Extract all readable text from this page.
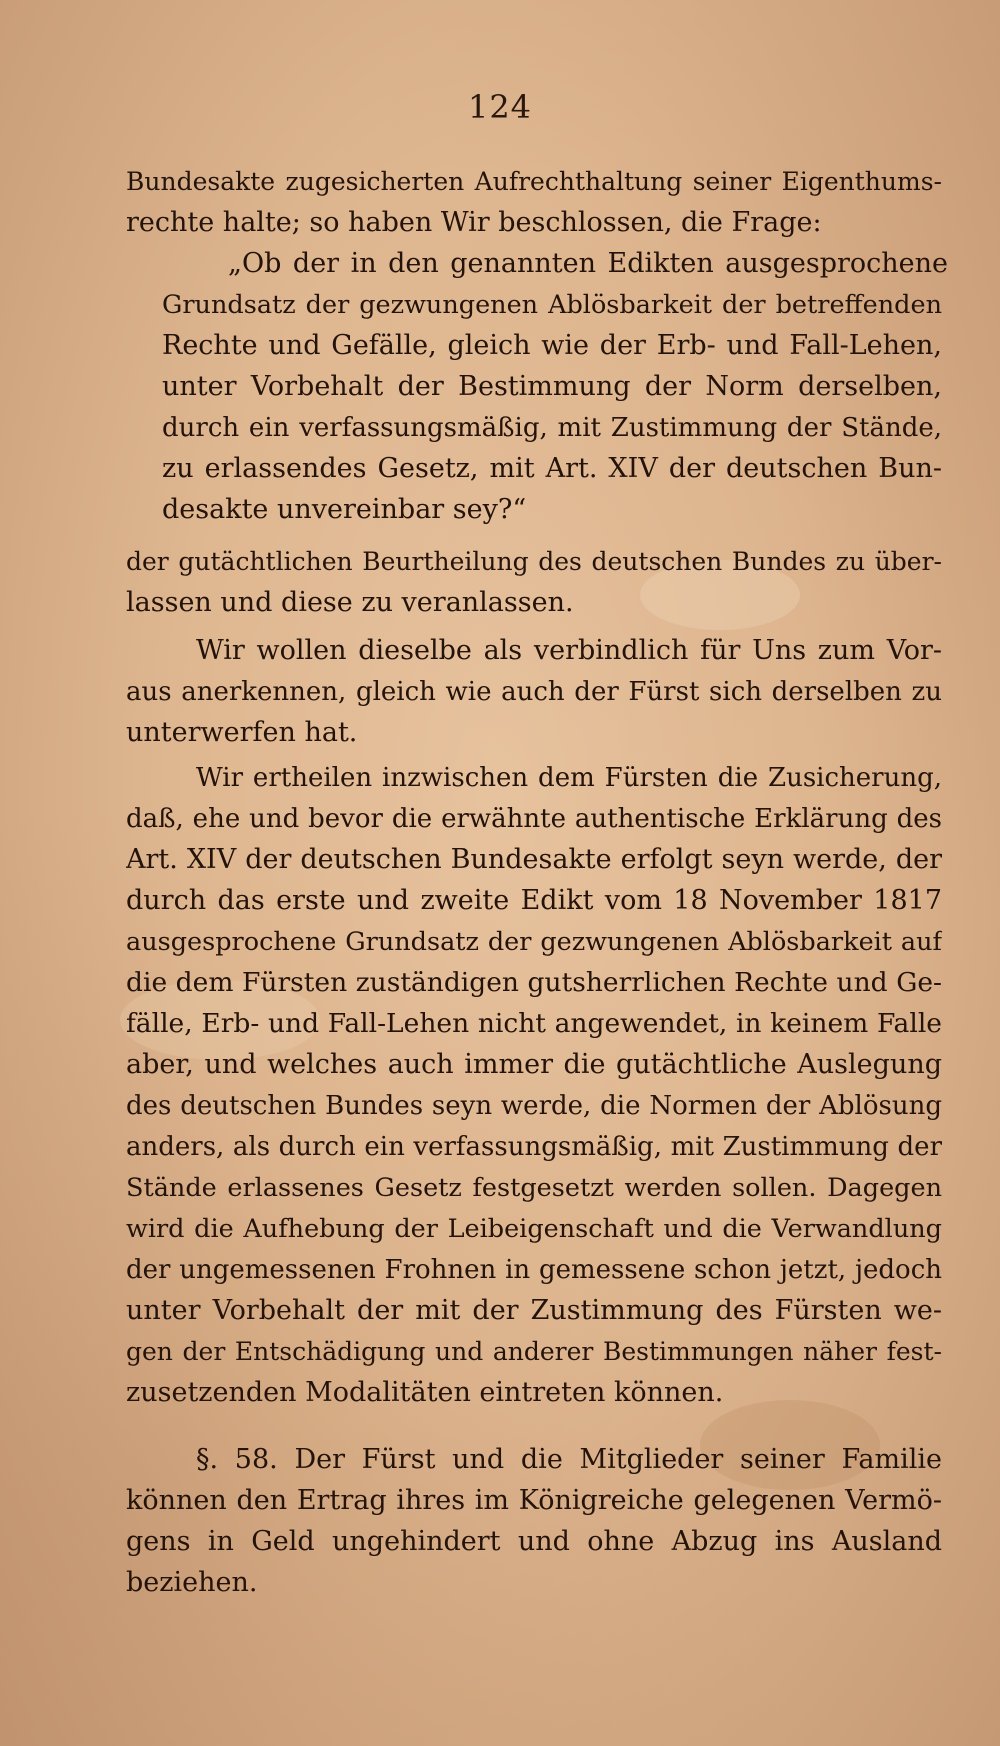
124
Bundesakte zugesicherten Aufrechthaltung seiner Eigenthums-
rechte halte; so haben Wir beschlossen, die Frage:
„Ob der in den genannten Edikten ausgesprochene
Grundsatz der gezwungenen Ablösbarkeit der betreffenden
Rechte und Gefälle, gleich wie der Erb- und Fall-Lehen,
unter Vorbehalt der Bestimmung der Norm derselben,
durch ein verfassungsmäßig, mit Zustimmung der Stände,
zu erlassendes Gesetz, mit Art. XIV der deutschen Bun-
desakte unvereinbar sey?“
der gutächtlichen Beurtheilung des deutschen Bundes zu über-
lassen und diese zu veranlassen.
Wir wollen dieselbe als verbindlich für Uns zum Vor-
aus anerkennen, gleich wie auch der Fürst sich derselben zu
unterwerfen hat.
Wir ertheilen inzwischen dem Fürsten die Zusicherung,
daß, ehe und bevor die erwähnte authentische Erklärung des
Art. XIV der deutschen Bundesakte erfolgt seyn werde, der
durch das erste und zweite Edikt vom 18 November 1817
ausgesprochene Grundsatz der gezwungenen Ablösbarkeit auf
die dem Fürsten zuständigen gutsherrlichen Rechte und Ge-
fälle, Erb- und Fall-Lehen nicht angewendet, in keinem Falle
aber, und welches auch immer die gutächtliche Auslegung
des deutschen Bundes seyn werde, die Normen der Ablösung
anders, als durch ein verfassungsmäßig, mit Zustimmung der
Stände erlassenes Gesetz festgesetzt werden sollen. Dagegen
wird die Aufhebung der Leibeigenschaft und die Verwandlung
der ungemessenen Frohnen in gemessene schon jetzt, jedoch
unter Vorbehalt der mit der Zustimmung des Fürsten we-
gen der Entschädigung und anderer Bestimmungen näher fest-
zusetzenden Modalitäten eintreten können.
§. 58. Der Fürst und die Mitglieder seiner Familie
können den Ertrag ihres im Königreiche gelegenen Vermö-
gens in Geld ungehindert und ohne Abzug ins Ausland
beziehen.
